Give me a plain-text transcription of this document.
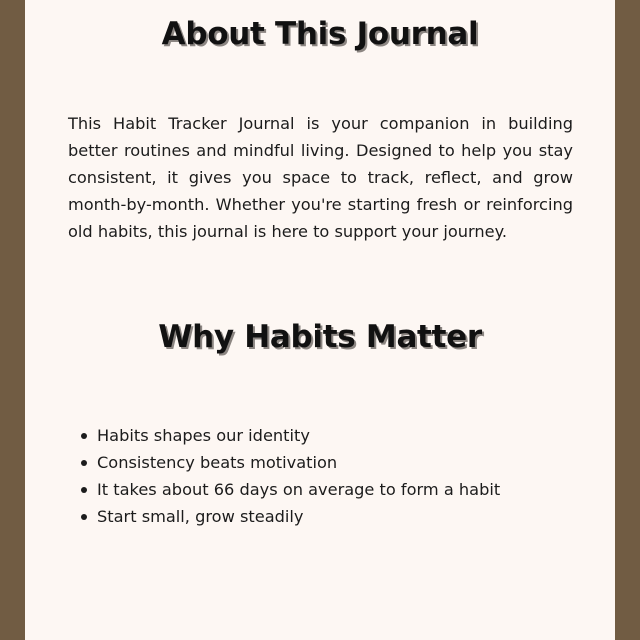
About This Journal

This Habit Tracker Journal is your companion in building better routines and mindful living. Designed to help you stay consistent, it gives you space to track, reflect, and grow month-by-month. Whether you're starting fresh or reinforcing old habits, this journal is here to support your journey.

Why Habits Matter
Habits shapes our identity
Consistency beats motivation
It takes about 66 days on average to form a habit
Start small, grow steadily
